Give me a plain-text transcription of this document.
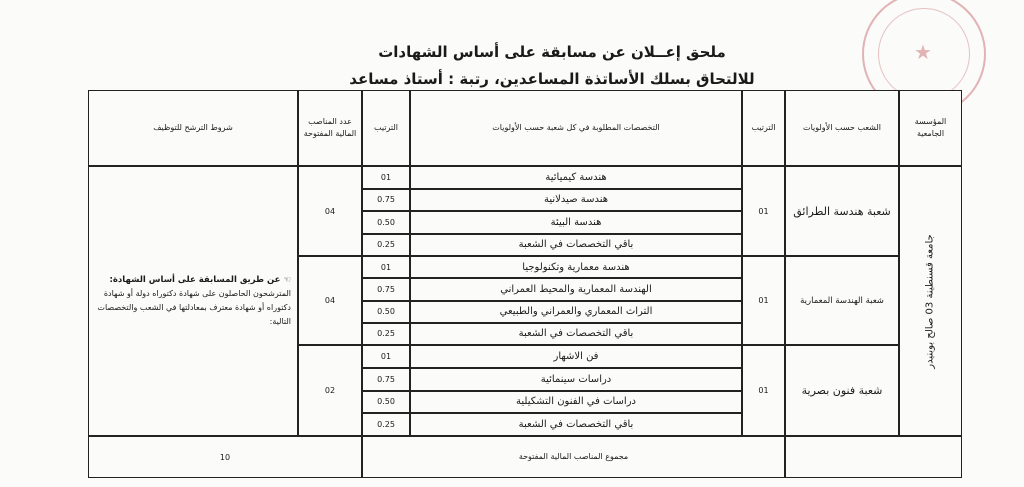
★
ملحق إعــلان عن مسابقة على أساس الشهادات
للالتحاق بسلك الأساتذة المساعدين، رتبة : أستاذ مساعد
المؤسسة الجامعية
الشعب حسب الأولويات
الترتيب
التخصصات المطلوبة في كل شعبة حسب الأولويات
الترتيب
عدد المناصب المالية المفتوحة
شروط الترشح للتوظيف
جامعة قسنطينة 03 صالح بوبنيدر
☜ عن طريق المسابقة على أساس الشهادة:
المترشحون الحاصلون على شهادة دكتوراه دولة أو شهادة دكتوراه أو شهادة معترف بمعادلتها في الشعب والتخصصات التالية:
شعبة هندسة الطرائق
01
04
هندسة كيميائية
01
هندسة صيدلانية
0.75
هندسة البيئة
0.50
باقي التخصصات في الشعبة
0.25
شعبة الهندسة المعمارية
01
04
هندسة معمارية وتكنولوجيا
01
الهندسة المعمارية والمحيط العمراني
0.75
التراث المعماري والعمراني والطبيعي
0.50
باقي التخصصات في الشعبة
0.25
شعبة فنون بصرية
01
02
فن الاشهار
01
دراسات سينمائية
0.75
دراسات في الفنون التشكيلية
0.50
باقي التخصصات في الشعبة
0.25
مجموع المناصب المالية المفتوحة
10
